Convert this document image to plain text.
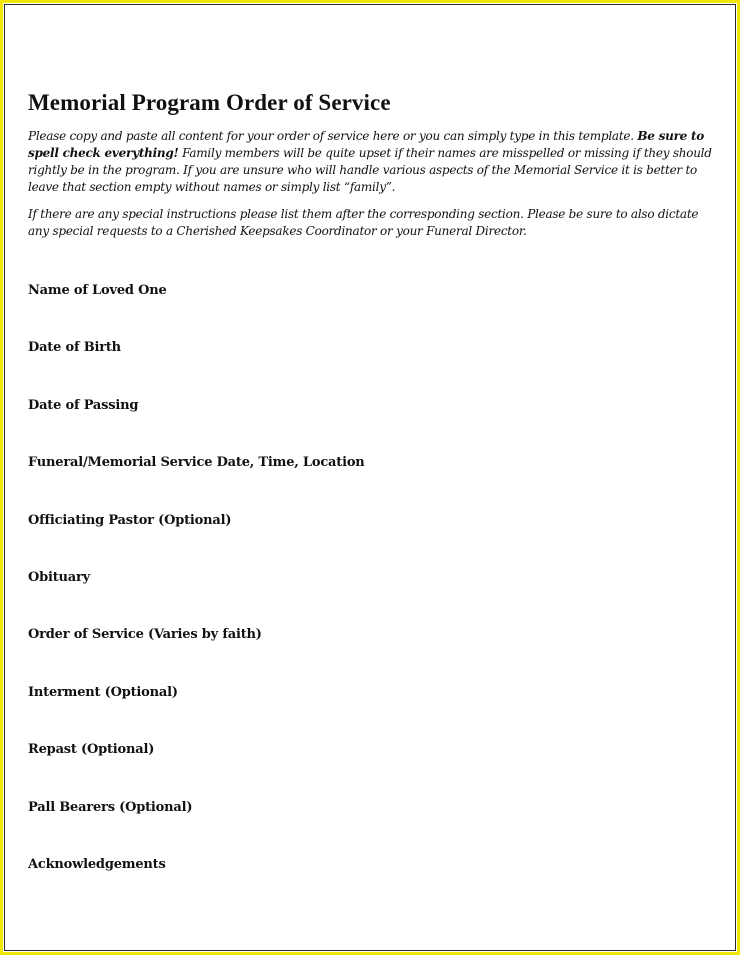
Memorial Program Order of Service

Please copy and paste all content for your order of service here or you can simply type in this template. Be sure to spell check everything! Family members will be quite upset if their names are misspelled or missing if they should rightly be in the program. If you are unsure who will handle various aspects of the Memorial Service it is better to leave that section empty without names or simply list “family”.

If there are any special instructions please list them after the corresponding section. Please be sure to also dictate any special requests to a Cherished Keepsakes Coordinator or your Funeral Director.

Name of Loved One
Date of Birth
Date of Passing
Funeral/Memorial Service Date, Time, Location
Officiating Pastor (Optional)
Obituary
Order of Service (Varies by faith)
Interment (Optional)
Repast (Optional)
Pall Bearers (Optional)
Acknowledgements
